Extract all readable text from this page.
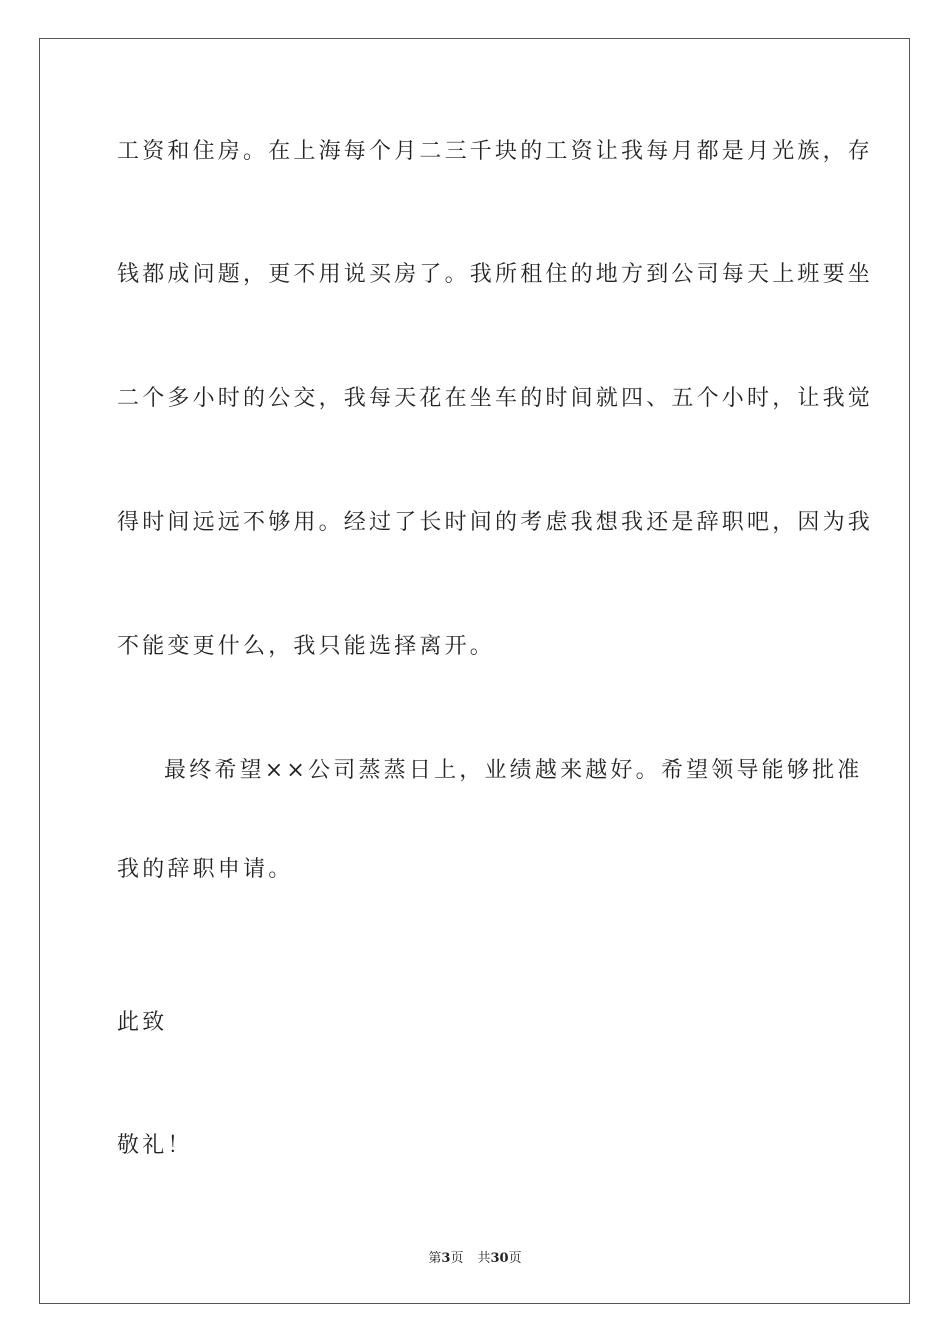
工资和住房。在上海每个月二三千块的工资让我每月都是月光族，存
钱都成问题，更不用说买房了。我所租住的地方到公司每天上班要坐
二个多小时的公交，我每天花在坐车的时间就四、五个小时，让我觉
得时间远远不够用。经过了长时间的考虑我想我还是辞职吧，因为我
不能变更什么，我只能选择离开。
最终希望××公司蒸蒸日上，业绩越来越好。希望领导能够批准
我的辞职申请。
此致
敬礼！
第3页 共30页
